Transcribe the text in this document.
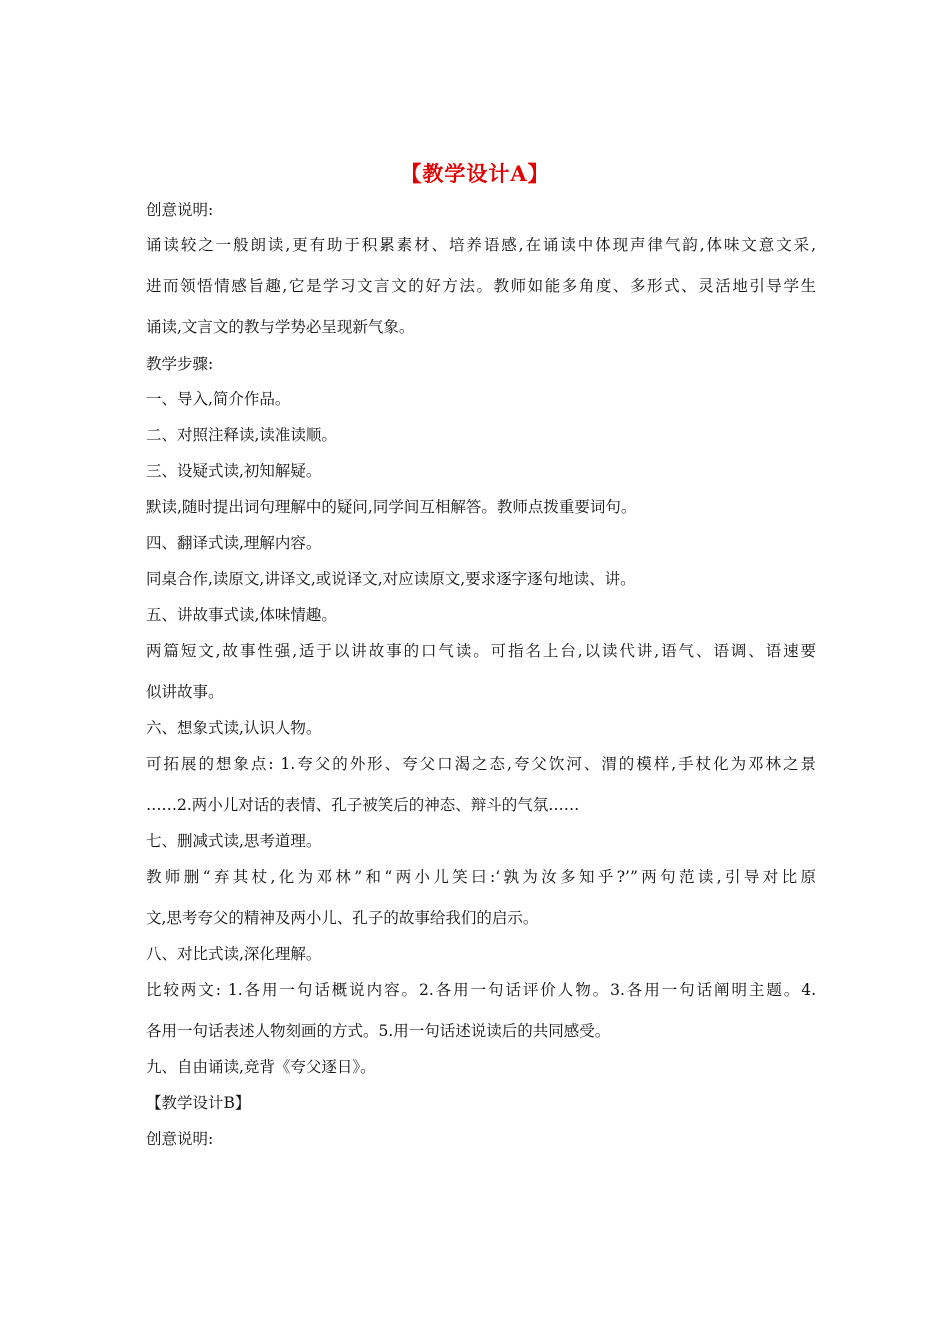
【教学设计A】

创意说明:

诵读较之一般朗读,更有助于积累素材、培养语感,在诵读中体现声律气韵,体味文意文采,

进而领悟情感旨趣,它是学习文言文的好方法。教师如能多角度、多形式、灵活地引导学生

诵读,文言文的教与学势必呈现新气象。

教学步骤:

一、导入,简介作品。

二、对照注释读,读准读顺。

三、设疑式读,初知解疑。

默读,随时提出词句理解中的疑问,同学间互相解答。教师点拨重要词句。

四、翻译式读,理解内容。

同桌合作,读原文,讲译文,或说译文,对应读原文,要求逐字逐句地读、讲。

五、讲故事式读,体味情趣。

两篇短文,故事性强,适于以讲故事的口气读。可指名上台,以读代讲,语气、语调、语速要

似讲故事。

六、想象式读,认识人物。

可拓展的想象点: 1.夸父的外形、夸父口渴之态,夸父饮河、渭的模样,手杖化为邓林之景

……2.两小儿对话的表情、孔子被笑后的神态、辩斗的气氛……

七、删减式读,思考道理。

教师删“弃其杖,化为邓林”和“两小儿笑曰:‘孰为汝多知乎?’”两句范读,引导对比原

文,思考夸父的精神及两小儿、孔子的故事给我们的启示。

八、对比式读,深化理解。

比较两文: 1.各用一句话概说内容。2.各用一句话评价人物。3.各用一句话阐明主题。4.

各用一句话表述人物刻画的方式。5.用一句话述说读后的共同感受。

九、自由诵读,竞背《夸父逐日》。

【教学设计B】

创意说明:
